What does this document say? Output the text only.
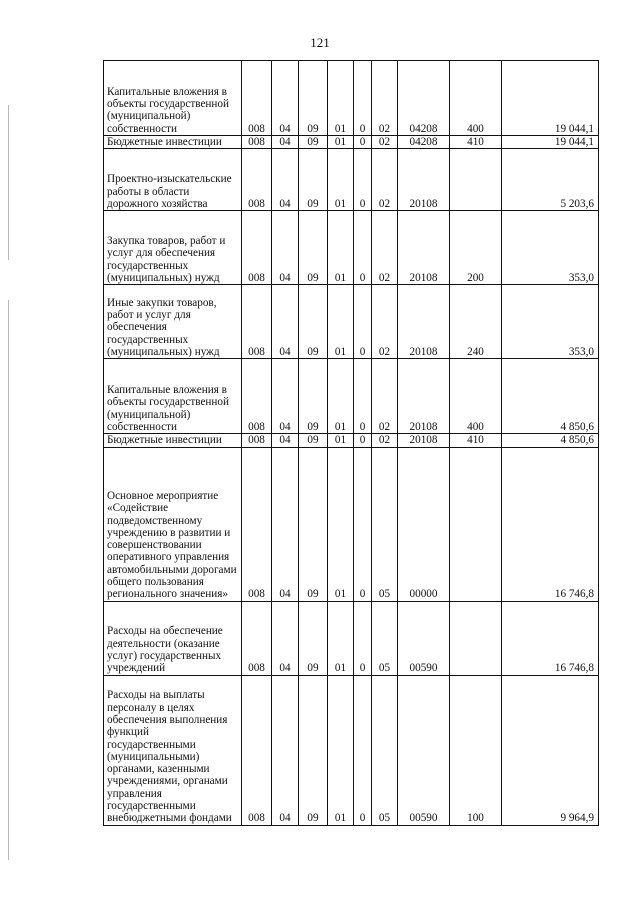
121
Капитальные вложения в объекты государственной (муниципальной) собственности	008	04	09	01	0	02	04208	400	19 044,1

Бюджетные инвестиции	008	04	09	01	0	02	04208	410	19 044,1

Проектно-изыскательские работы в области дорожного хозяйства	008	04	09	01	0	02	20108		5 203,6

Закупка товаров, работ и услуг для обеспечения государственных (муниципальных) нужд	008	04	09	01	0	02	20108	200	353,0

Иные закупки товаров, работ и услуг для обеспечения государственных (муниципальных) нужд	008	04	09	01	0	02	20108	240	353,0

Капитальные вложения в объекты государственной (муниципальной) собственности	008	04	09	01	0	02	20108	400	4 850,6

Бюджетные инвестиции	008	04	09	01	0	02	20108	410	4 850,6

Основное мероприятие «Содействие подведомственному учреждению в развитии и совершенствовании оперативного управления автомобильными дорогами общего пользования регионального значения»	008	04	09	01	0	05	00000		16 746,8

Расходы на обеспечение деятельности (оказание услуг) государственных учреждений	008	04	09	01	0	05	00590		16 746,8

Расходы на выплаты персоналу в целях обеспечения выполнения функций государственными (муниципальными) органами, казенными учреждениями, органами управления государственными внебюджетными фондами	008	04	09	01	0	05	00590	100	9 964,9
